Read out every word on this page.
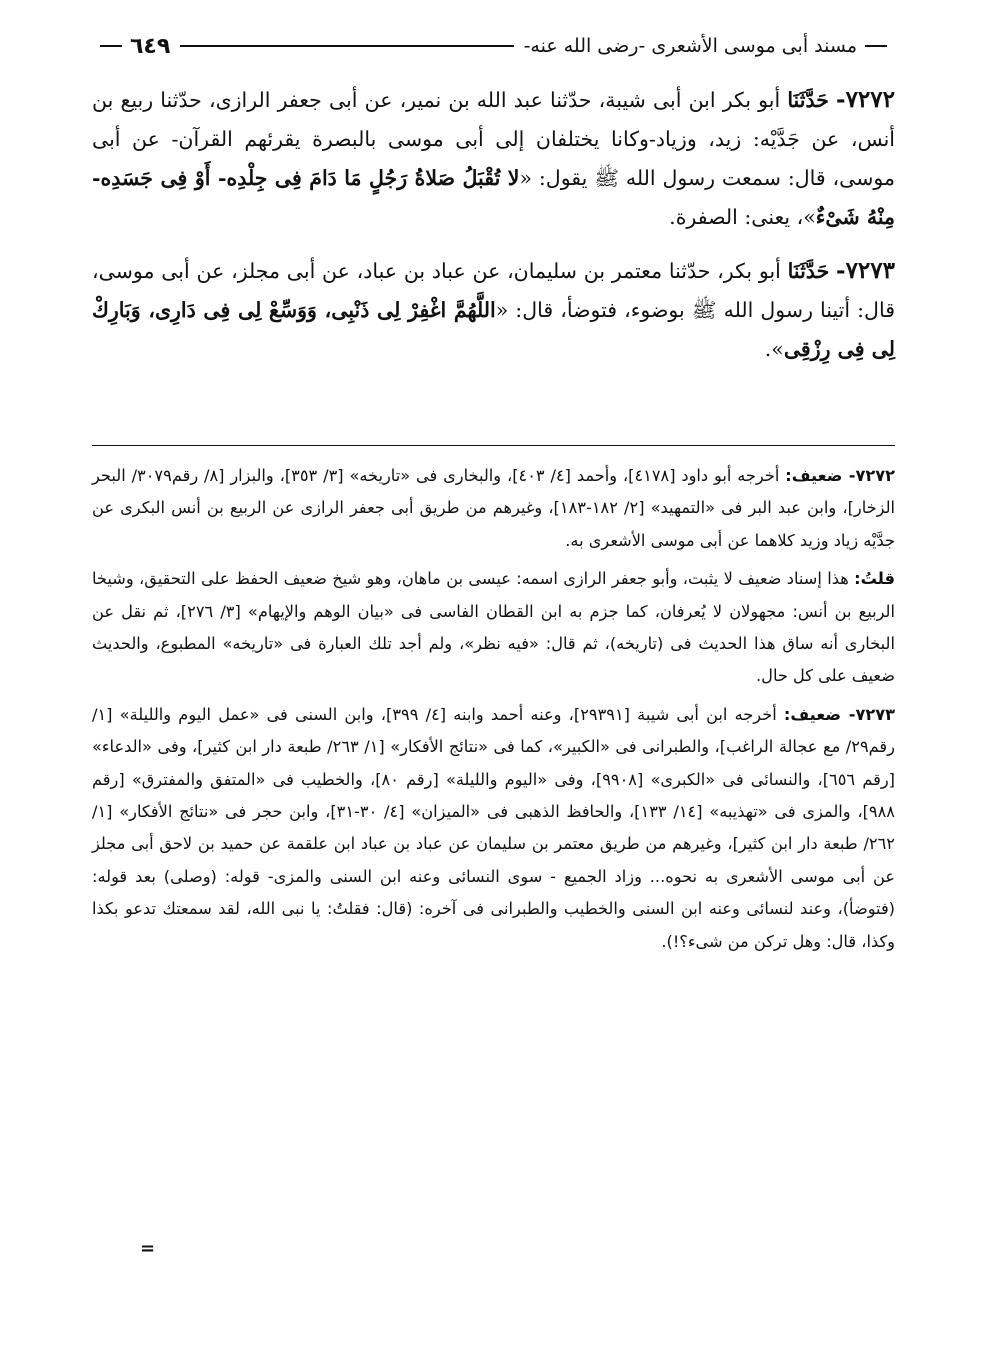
مسند أبى موسى الأشعرى -رضى الله عنه-
٦٤٩

٧٢٧٢- حَدَّثَنَا أبو بكر ابن أبى شيبة، حدّثنا عبد الله بن نمير، عن أبى جعفر الرازى، حدّثنا ربيع بن أنس، عن جَدَّيْه: زيد، وزياد-وكانا يختلفان إلى أبى موسى بالبصرة يقرئهم القرآن- عن أبى موسى، قال: سمعت رسول الله ﷺ يقول: «لا تُقْبَلُ صَلاةُ رَجُلٍ مَا دَامَ فِى جِلْدِه- أَوْ فِى جَسَدِه- مِنْهُ شَىْءٌ»، يعنى: الصفرة.

٧٢٧٣- حَدَّثَنَا أبو بكر، حدّثنا معتمر بن سليمان، عن عباد بن عباد، عن أبى مجلز، عن أبى موسى، قال: أتينا رسول الله ﷺ بوضوء، فتوضأ، قال: «اللَّهُمَّ اغْفِرْ لِى ذَنْبِى، وَوَسِّعْ لِى فِى دَارِى، وَبَارِكْ لِى فِى رِزْقِى».

٧٢٧٢- ضعيف: أخرجه أبو داود [٤١٧٨]، وأحمد [٤/ ٤٠٣]، والبخارى فى «تاريخه» [٣/ ٣٥٣]، والبزار [٨/ رقم٣٠٧٩/ البحر الزخار]، وابن عبد البر فى «التمهيد» [٢/ ١٨٢-١٨٣]، وغيرهم من طريق أبى جعفر الرازى عن الربيع بن أنس البكرى عن جدَّيْه زياد وزيد كلاهما عن أبى موسى الأشعرى به.

قلتُ: هذا إسناد ضعيف لا يثبت، وأبو جعفر الرازى اسمه: عيسى بن ماهان، وهو شيخ ضعيف الحفظ على التحقيق، وشيخا الربيع بن أنس: مجهولان لا يُعرفان، كما جزم به ابن القطان الفاسى فى «بيان الوهم والإيهام» [٣/ ٢٧٦]، ثم نقل عن البخارى أنه ساق هذا الحديث فى (تاريخه)، ثم قال: «فيه نظر»، ولم أجد تلك العبارة فى «تاريخه» المطبوع، والحديث ضعيف على كل حال.

٧٢٧٣- ضعيف: أخرجه ابن أبى شيبة [٢٩٣٩١]، وعنه أحمد وابنه [٤/ ٣٩٩]، وابن السنى فى «عمل اليوم والليلة» [١/ رقم٢٩/ مع عجالة الراغب]، والطبرانى فى «الكبير»، كما فى «نتائج الأفكار» [١/ ٢٦٣/ طبعة دار ابن كثير]، وفى «الدعاء» [رقم ٦٥٦]، والنسائى فى «الكبرى» [٩٩٠٨]، وفى «اليوم والليلة» [رقم ٨٠]، والخطيب فى «المتفق والمفترق» [رقم ٩٨٨]، والمزى فى «تهذيبه» [١٤/ ١٣٣]، والحافظ الذهبى فى «الميزان» [٤/ ٣٠-٣١]، وابن حجر فى «نتائج الأفكار» [١/ ٢٦٢/ طبعة دار ابن كثير]، وغيرهم من طريق معتمر بن سليمان عن عباد بن عباد ابن علقمة عن حميد بن لاحق أبى مجلز عن أبى موسى الأشعرى به نحوه... وزاد الجميع - سوى النسائى وعنه ابن السنى والمزى- قوله: (وصلى) بعد قوله: (فتوضأ)، وعند لنسائى وعنه ابن السنى والخطيب والطبرانى فى آخره: (قال: فقلتُ: يا نبى الله، لقد سمعتك تدعو بكذا وكذا، قال: وهل تركن من شىء؟!).

=
